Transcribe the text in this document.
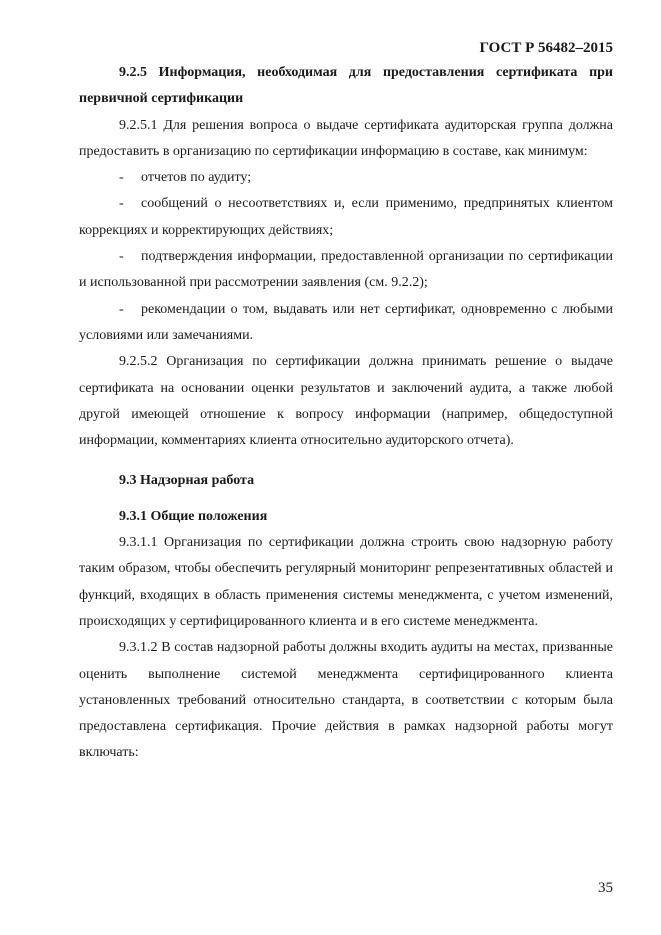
ГОСТ Р 56482–2015

9.2.5 Информация, необходимая для предоставления сертификата при первичной сертификации

9.2.5.1 Для решения вопроса о выдаче сертификата аудиторская группа должна предоставить в организацию по сертификации информацию в составе, как минимум:

- отчетов по аудиту;

- сообщений о несоответствиях и, если применимо, предпринятых клиентом коррекциях и корректирующих действиях;

- подтверждения информации, предоставленной организации по сертификации и использованной при рассмотрении заявления (см. 9.2.2);

- рекомендации о том, выдавать или нет сертификат, одновременно с любыми условиями или замечаниями.

9.2.5.2 Организация по сертификации должна принимать решение о выдаче сертификата на основании оценки результатов и заключений аудита, а также любой другой имеющей отношение к вопросу информации (например, общедоступной информации, комментариях клиента относительно аудиторского отчета).

9.3 Надзорная работа

9.3.1 Общие положения

9.3.1.1 Организация по сертификации должна строить свою надзорную работу таким образом, чтобы обеспечить регулярный мониторинг репрезентативных областей и функций, входящих в область применения системы менеджмента, с учетом изменений, происходящих у сертифицированного клиента и в его системе менеджмента.

9.3.1.2 В состав надзорной работы должны входить аудиты на местах, призванные оценить выполнение системой менеджмента сертифицированного клиента установленных требований относительно стандарта, в соответствии с которым была предоставлена сертификация. Прочие действия в рамках надзорной работы могут включать:

35
